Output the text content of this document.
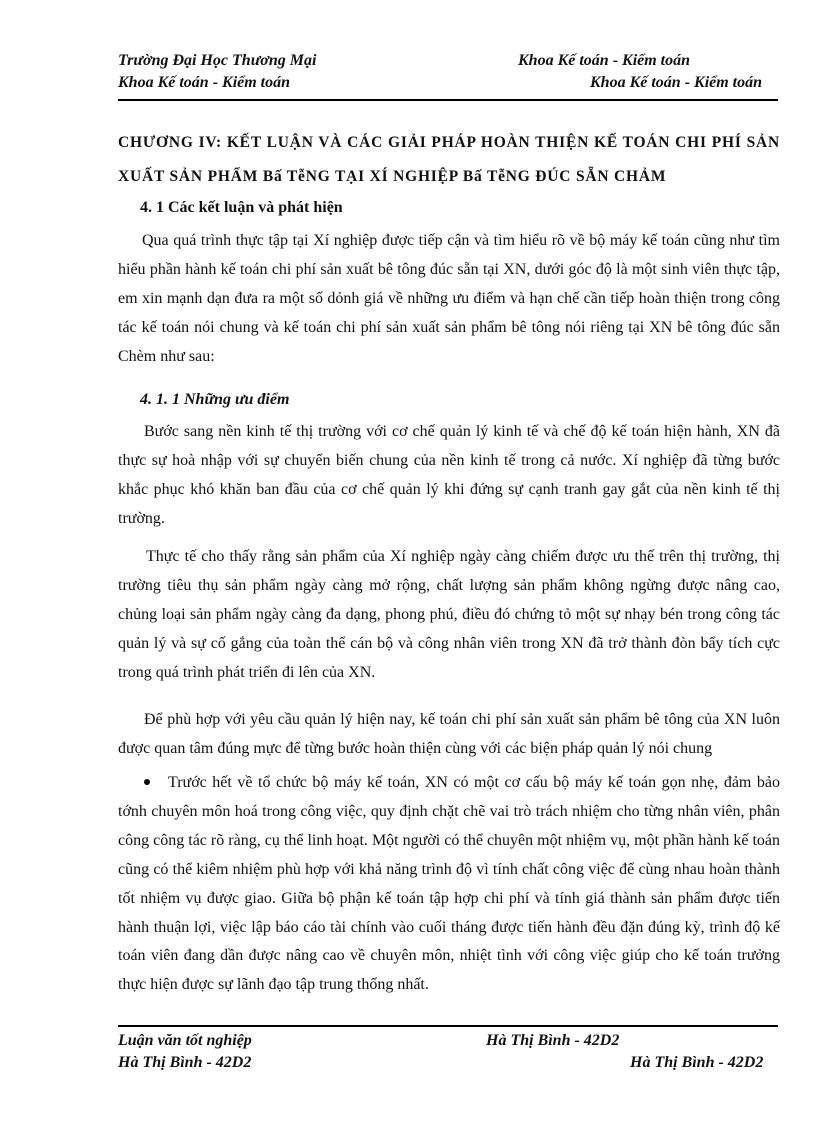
Trường Đại Học Thương Mại	Khoa Kế toán - Kiểm toán
Khoa Kế toán - Kiểm toán	Khoa Kế toán - Kiểm toán
CHƯƠNG IV: KẾT LUẬN VÀ CÁC GIẢI PHÁP HOÀN THIỆN KẾ TOÁN CHI PHÍ SẢN
XUẤT SẢN PHẨM Bấ TễNG TẠI XÍ NGHIỆP Bấ TễNG ĐÚC SẴN CHẢM
4. 1 Các kết luận và phát hiện

Qua quá trình thực tập tại Xí nghiệp được tiếp cận và tìm hiểu rõ về bộ máy kế toán cũng như tìm hiểu phần hành kế toán chi phí sản xuất bê tông đúc sẵn tại XN, dưới góc độ là một sinh viên thực tập, em xin mạnh dạn đưa ra một số dỏnh giá về những ưu điểm và hạn chế cần tiếp hoàn thiện trong công tác kế toán nói chung và kế toán chi phí sản xuất sản phẩm bê tông nói riêng tại XN bê tông đúc sẵn Chèm như sau:

4. 1. 1 Những ưu điểm

Bước sang nền kinh tế thị trường với cơ chế quản lý kinh tế và chế độ kế toán hiện hành, XN đã thực sự hoà nhập với sự chuyển biến chung của nền kinh tế trong cả nước. Xí nghiệp đã từng bước khắc phục khó khăn ban đầu của cơ chế quản lý khi đứng sự cạnh tranh gay gắt của nền kinh tế thị trường.

Thực tế cho thấy rằng sản phẩm của Xí nghiệp ngày càng chiếm được ưu thế trên thị trường, thị trường tiêu thụ sản phẩm ngày càng mở rộng, chất lượng sản phẩm không ngừng được nâng cao, chủng loại sản phẩm ngày càng đa dạng, phong phú, điều đó chứng tỏ một sự nhạy bén trong công tác quản lý và sự cố gắng của toàn thể cán bộ và công nhân viên trong XN đã trở thành đòn bẩy tích cực trong quá trình phát triển đi lên của XN.

Để phù hợp với yêu cầu quản lý hiện nay, kế toán chi phí sản xuất sản phẩm bê tông của XN luôn được quan tâm đúng mực để từng bước hoàn thiện cùng với các biện pháp quản lý nói chung

Trước hết về tổ chức bộ máy kế toán, XN có một cơ cấu bộ máy kế toán gọn nhẹ, đảm bảo tớnh chuyên môn hoá trong công việc, quy định chặt chẽ vai trò trách nhiệm cho từng nhân viên, phân công công tác rõ ràng, cụ thể linh hoạt. Một người có thể chuyên một nhiệm vụ, một phần hành kế toán cũng có thể kiêm nhiệm phù hợp với khả năng trình độ vì tính chất công việc để cùng nhau hoàn thành tốt nhiệm vụ được giao. Giữa bộ phận kế toán tập hợp chi phí và tính giá thành sản phẩm được tiến hành thuận lợi, việc lập báo cáo tài chính vào cuối tháng được tiến hành đều đặn đúng kỳ, trình độ kế toán viên đang dần được nâng cao về chuyên môn, nhiệt tình với công việc giúp cho kế toán trưởng thực hiện được sự lãnh đạo tập trung thống nhất.
Luận văn tốt nghiệp	Hà Thị Bình - 42D2
Hà Thị Bình - 42D2	Hà Thị Bình - 42D2
